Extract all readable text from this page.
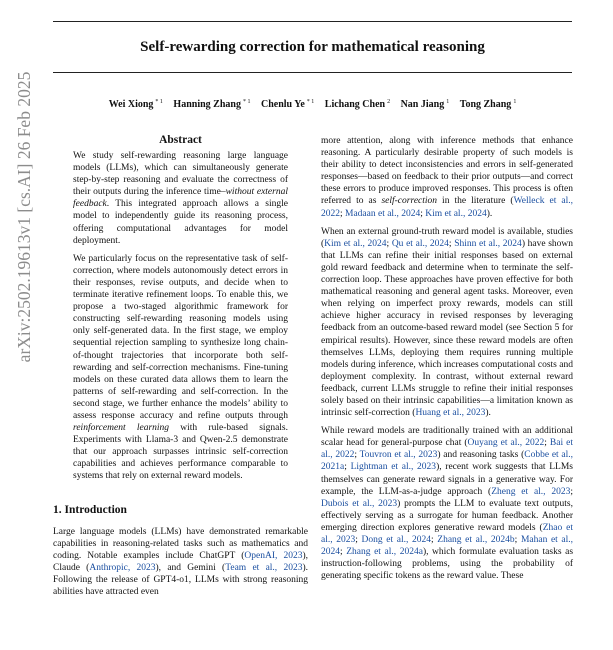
Self-rewarding correction for mathematical reasoning
Wei Xiong $^{* 1}$ Hanning Zhang $^{* 1}$ Chenlu Ye $^{* 1}$ Lichang Chen $^2$ Nan Jiang $^1$ Tong Zhang $^1$
arXiv:2502.19613v1 [cs.AI] 26 Feb 2025	Abstract

We study self-rewarding reasoning large language models (LLMs), which can simultaneously generate step-by-step reasoning and evaluate the correctness of their outputs during the inference time–without external feedback. This integrated approach allows a single model to independently guide its reasoning process, offering computational advantages for model deployment.

We particularly focus on the representative task of self-correction, where models autonomously detect errors in their responses, revise outputs, and decide when to terminate iterative refinement loops. To enable this, we propose a two-staged algorithmic framework for constructing self-rewarding reasoning models using only self-generated data. In the first stage, we employ sequential rejection sampling to synthesize long chain-of-thought trajectories that incorporate both self-rewarding and self-correction mechanisms. Fine-tuning models on these curated data allows them to learn the patterns of self-rewarding and self-correction. In the second stage, we further enhance the models’ ability to assess response accuracy and refine outputs through reinforcement learning with rule-based signals. Experiments with Llama-3 and Qwen-2.5 demonstrate that our approach surpasses intrinsic self-correction capabilities and achieves performance comparable to systems that rely on external reward models.

1. Introduction

Large language models (LLMs) have demonstrated remarkable capabilities in reasoning-related tasks such as mathematics and coding. Notable examples include ChatGPT (OpenAI, 2023), Claude (Anthropic, 2023), and Gemini (Team et al., 2023). Following the release of GPT4-o1, LLMs with strong reasoning abilities have attracted even

more attention, along with inference methods that enhance reasoning. A particularly desirable property of such models is their ability to detect inconsistencies and errors in self-generated responses—based on feedback to their prior outputs—and correct these errors to produce improved responses. This process is often referred to as self-correction in the literature (Welleck et al., 2022; Madaan et al., 2024; Kim et al., 2024).

When an external ground-truth reward model is available, studies (Kim et al., 2024; Qu et al., 2024; Shinn et al., 2024) have shown that LLMs can refine their initial responses based on external gold reward feedback and determine when to terminate the self-correction loop. These approaches have proven effective for both mathematical reasoning and general agent tasks. Moreover, even when relying on imperfect proxy rewards, models can still achieve higher accuracy in revised responses by leveraging feedback from an outcome-based reward model (see Section 5 for empirical results). However, since these reward models are often themselves LLMs, deploying them requires running multiple models during inference, which increases computational costs and deployment complexity. In contrast, without external reward feedback, current LLMs struggle to refine their initial responses solely based on their intrinsic capabilities—a limitation known as intrinsic self-correction (Huang et al., 2023).

While reward models are traditionally trained with an additional scalar head for general-purpose chat (Ouyang et al., 2022; Bai et al., 2022; Touvron et al., 2023) and reasoning tasks (Cobbe et al., 2021a; Lightman et al., 2023), recent work suggests that LLMs themselves can generate reward signals in a generative way. For example, the LLM-as-a-judge approach (Zheng et al., 2023; Dubois et al., 2023) prompts the LLM to evaluate text outputs, effectively serving as a surrogate for human feedback. Another emerging direction explores generative reward models (Zhao et al., 2023; Dong et al., 2024; Zhang et al., 2024b; Mahan et al., 2024; Zhang et al., 2024a), which formulate evaluation tasks as instruction-following problems, using the probability of generating specific tokens as the reward value. These
